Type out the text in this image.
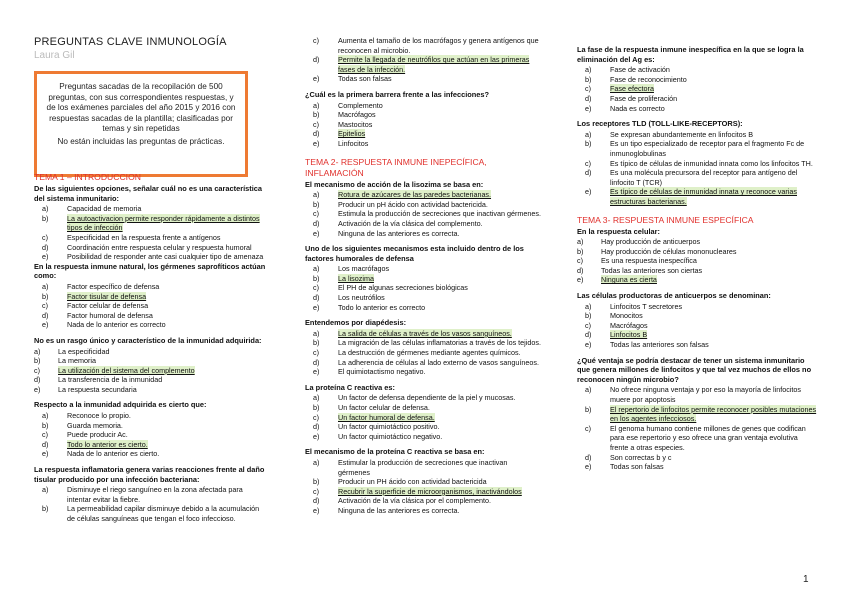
PREGUNTAS CLAVE INMUNOLOGÍA
Laura Gil

Preguntas sacadas de la recopilación de 500 preguntas, con sus correspondientes respuestas, y de los exámenes parciales del año 2015 y 2016 con respuestas sacadas de la plantilla; clasificadas por temas y sin repetidas

No están incluidas las preguntas de prácticas.

TEMA 1 – INTRODUCCION
De las siguientes opciones, señalar cuál no es una característica del sistema inmunitario:
a)	Capacidad de memoria
b)	La autoactivacion permite responder rápidamente a distintos tipos de infección
c)	Especificidad en la respuesta frente a antígenos
d)	Coordinación entre respuesta celular y respuesta humoral
e)	Posibilidad de responder ante casi cualquier tipo de amenaza
En la respuesta inmune natural, los gérmenes saprofíticos actúan como:
a)	Factor específico de defensa
b)	Factor tisular de defensa
c)	Factor celular de defensa
d)	Factor humoral de defensa
e)	Nada de lo anterior es correcto
No es un rasgo único y característico de la inmunidad adquirida:
a) La especificidad
b) La memoria
c)	La utilización del sistema del complemento
d) La transferencia de la inmunidad
e) La respuesta secundaria
Respecto a la inmunidad adquirida es cierto que:
a)	Reconoce lo propio.
b)	Guarda memoria.
c)	Puede producir Ac.
d)	Todo lo anterior es cierto.
e)	Nada de lo anterior es cierto.
La respuesta inflamatoria genera varias reacciones frente al daño tisular producido por una infección bacteriana:
a)	Disminuye el riego sanguíneo en la zona afectada para intentar evitar la fiebre.
b)	La permeabilidad capilar disminuye debido a la acumulación de células sanguíneas que tengan el foco infeccioso.
c)	Aumenta el tamaño de los macrófagos y genera antígenos que reconocen al microbio.
d)	Permite la llegada de neutrófilos que actúan en las primeras fases de la infección.
e)	Todas son falsas
¿Cuál es la primera barrera frente a las infecciones?
a)	Complemento
b)	Macrófagos
c)	Mastocitos
d)	Epitelios
e)	Linfocitos
TEMA 2- RESPUESTA INMUNE INEPECÍFICA, INFLAMACIÓN
El mecanismo de acción de la lisozima se basa en:
a)	Rotura de azúcares de las paredes bacterianas.
b)	Producir un pH ácido con actividad bactericida.
c)	Estimula la producción de secreciones que inactivan gérmenes.
d)	Activación de la vía clásica del complemento.
e)	Ninguna de las anteriores es correcta.
Uno de los siguientes mecanismos esta incluido dentro de los factores humorales de defensa
a)	Los macrófagos
b)	La lisozima
c)	El PH de algunas secreciones biológicas
d)	Los neutrófilos
e)	Todo lo anterior es correcto
Entendemos por diapédesis:
a)	La salida de células a través de los vasos sanguíneos.
b)	La migración de las células inflamatorias a través de los tejidos.
c)	La destrucción de gérmenes mediante agentes químicos.
d)	La adherencia de células al lado externo de vasos sanguíneos.
e)	El quimiotactismo negativo.
La proteína C reactiva es:
a)	Un factor de defensa dependiente de la piel y mucosas.
b)	Un factor celular de defensa.
c)	Un factor humoral de defensa.
d)	Un factor quimiotáctico positivo.
e)	Un factor quimiotáctico negativo.
El mecanismo de la proteína C reactiva se basa en:
a)	Estimular la producción de secreciones que inactivan gérmenes
b)	Producir un PH ácido con actividad bactericida
c)	Recubrir la superficie de microorganismos, inactivándolos
d)	Activación de la vía clásica por el complemento.
e)	Ninguna de las anteriores es correcta.
La fase de la respuesta inmune inespecífica en la que se logra la eliminación del Ag es:
a)	Fase de activación
b)	Fase de reconocimiento
c)	Fase efectora
d)	Fase de proliferación
e)	Nada es correcto
Los receptores TLD (TOLL-LIKE-RECEPTORS):
a)	Se expresan abundantemente en linfocitos B
b)	Es un tipo especializado de receptor para el fragmento Fc de inmunoglobulinas
c)	Es típico de células de inmunidad innata como los linfocitos TH.
d)	Es una molécula precursora del receptor para antígeno del linfocito T (TCR)
e)	Es típico de células de inmunidad innata y reconoce varias estructuras bacterianas.
TEMA 3- RESPUESTA INMUNE ESPECÍFICA
En la respuesta celular:
a) Hay producción de anticuerpos
b) Hay producción de células mononucleares
c)	Es una respuesta inespecífica
d) Todas las anteriores son ciertas
e) Ninguna es cierta
Las células productoras de anticuerpos se denominan:
a)	Linfocitos T secretores
b)	Monocitos
c)	Macrófagos
d)	Linfocitos B
e)	Todas las anteriores son falsas
¿Qué ventaja se podría destacar de tener un sistema inmunitario que genera millones de linfocitos y que tal vez muchos de ellos no reconocen ningún microbio?
a)	No ofrece ninguna ventaja y por eso la mayoría de linfocitos muere por apoptosis
b)	El repertorio de linfocitos permite reconocer posibles mutaciones en los agentes infecciosos.
c)	El genoma humano contiene millones de genes que codifican para ese repertorio y eso ofrece una gran ventaja evolutiva frente a otras especies.
d)	Son correctas b y c
e)	Todas son falsas
1
